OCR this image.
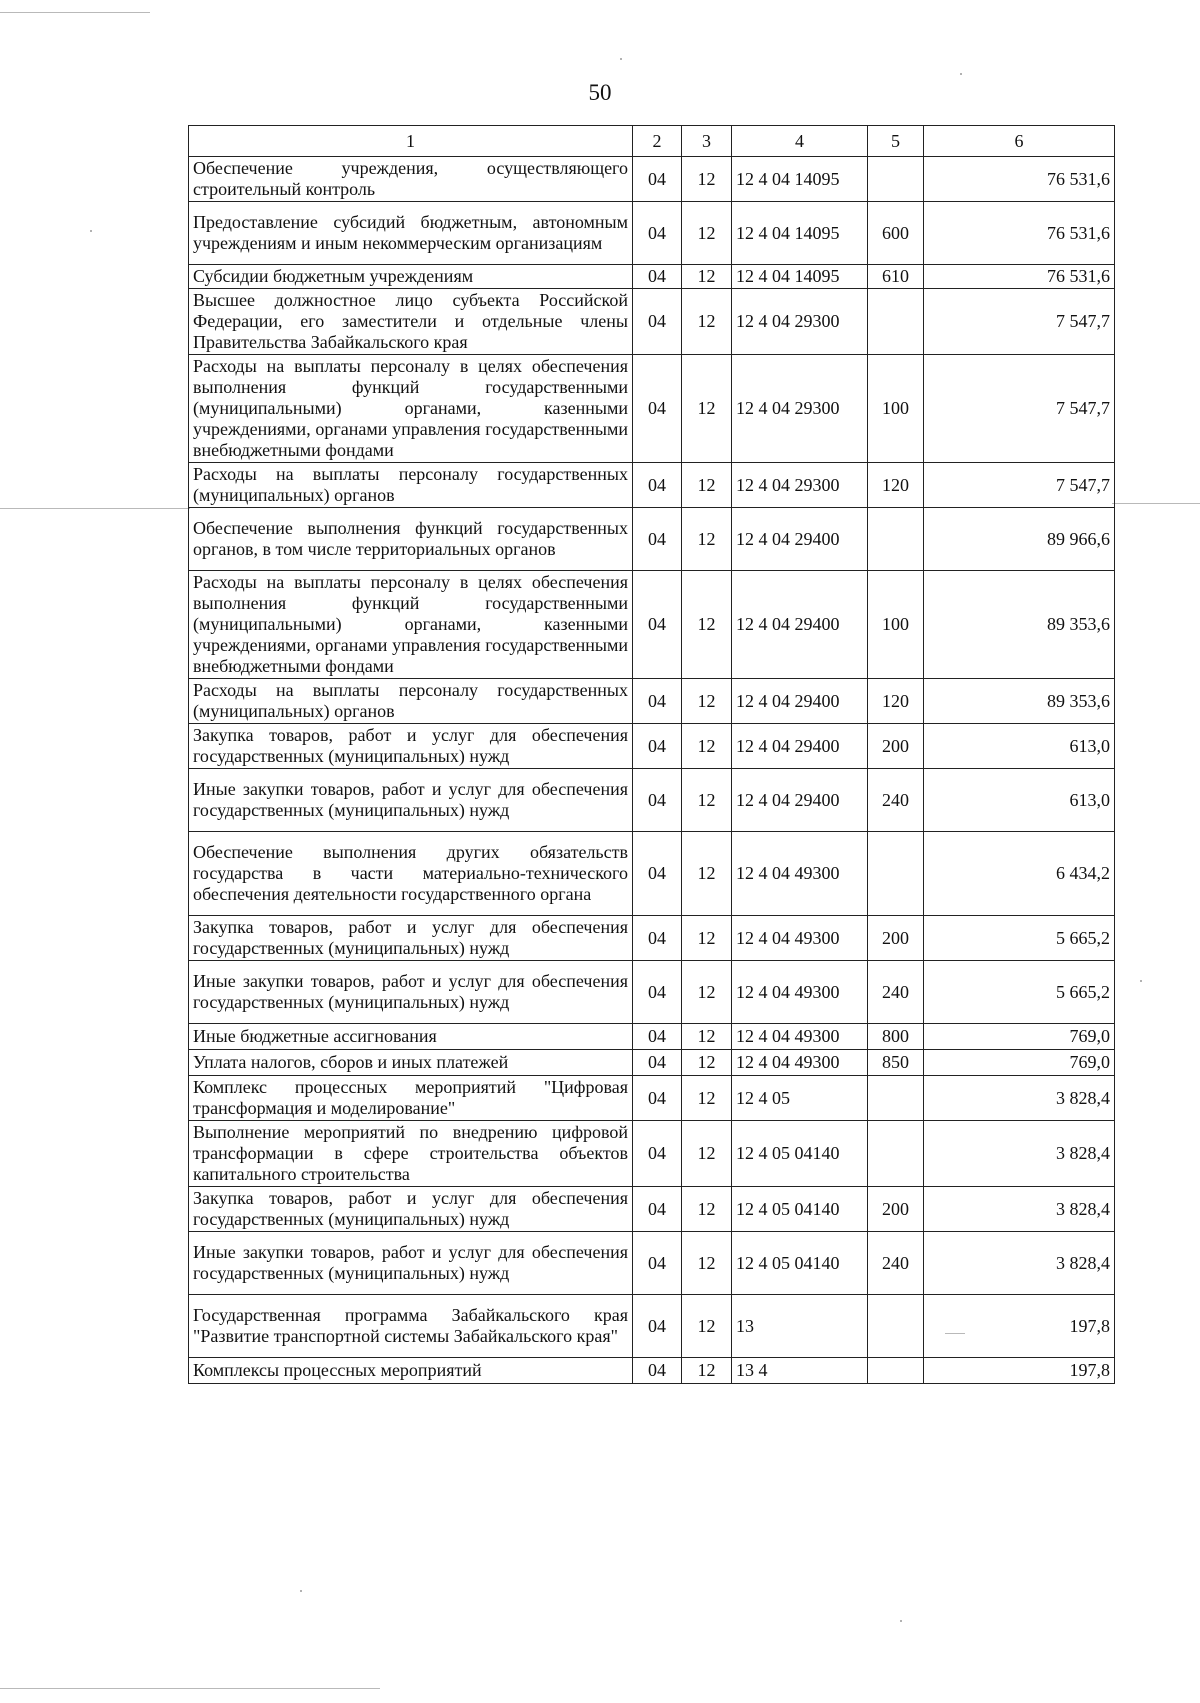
50
1	2	3	4	5	6
Обеспечение учреждения, осуществляющего строительный контроль	04	12	12 4 04 14095		76 531,6
Предоставление субсидий бюджетным, автономным учреждениям и иным некоммерческим организациям	04	12	12 4 04 14095	600	76 531,6
Субсидии бюджетным учреждениям	04	12	12 4 04 14095	610	76 531,6
Высшее должностное лицо субъекта Российской Федерации, его заместители и отдельные члены Правительства Забайкальского края	04	12	12 4 04 29300		7 547,7
Расходы на выплаты персоналу в целях обеспечения выполнения функций государственными (муниципальными) органами, казенными учреждениями, органами управления государственными внебюджетными фондами	04	12	12 4 04 29300	100	7 547,7
Расходы на выплаты персоналу государственных (муниципальных) органов	04	12	12 4 04 29300	120	7 547,7
Обеспечение выполнения функций государственных органов, в том числе территориальных органов	04	12	12 4 04 29400		89 966,6
Расходы на выплаты персоналу в целях обеспечения выполнения функций государственными (муниципальными) органами, казенными учреждениями, органами управления государственными внебюджетными фондами	04	12	12 4 04 29400	100	89 353,6
Расходы на выплаты персоналу государственных (муниципальных) органов	04	12	12 4 04 29400	120	89 353,6
Закупка товаров, работ и услуг для обеспечения государственных (муниципальных) нужд	04	12	12 4 04 29400	200	613,0
Иные закупки товаров, работ и услуг для обеспечения государственных (муниципальных) нужд	04	12	12 4 04 29400	240	613,0
Обеспечение выполнения других обязательств государства в части материально-технического обеспечения деятельности государственного органа	04	12	12 4 04 49300		6 434,2
Закупка товаров, работ и услуг для обеспечения государственных (муниципальных) нужд	04	12	12 4 04 49300	200	5 665,2
Иные закупки товаров, работ и услуг для обеспечения государственных (муниципальных) нужд	04	12	12 4 04 49300	240	5 665,2
Иные бюджетные ассигнования	04	12	12 4 04 49300	800	769,0
Уплата налогов, сборов и иных платежей	04	12	12 4 04 49300	850	769,0
Комплекс процессных мероприятий "Цифровая трансформация и моделирование"	04	12	12 4 05		3 828,4
Выполнение мероприятий по внедрению цифровой трансформации в сфере строительства объектов капитального строительства	04	12	12 4 05 04140		3 828,4
Закупка товаров, работ и услуг для обеспечения государственных (муниципальных) нужд	04	12	12 4 05 04140	200	3 828,4
Иные закупки товаров, работ и услуг для обеспечения государственных (муниципальных) нужд	04	12	12 4 05 04140	240	3 828,4
Государственная программа Забайкальского края "Развитие транспортной системы Забайкальского края"	04	12	13		197,8
Комплексы процессных мероприятий	04	12	13 4		197,8
